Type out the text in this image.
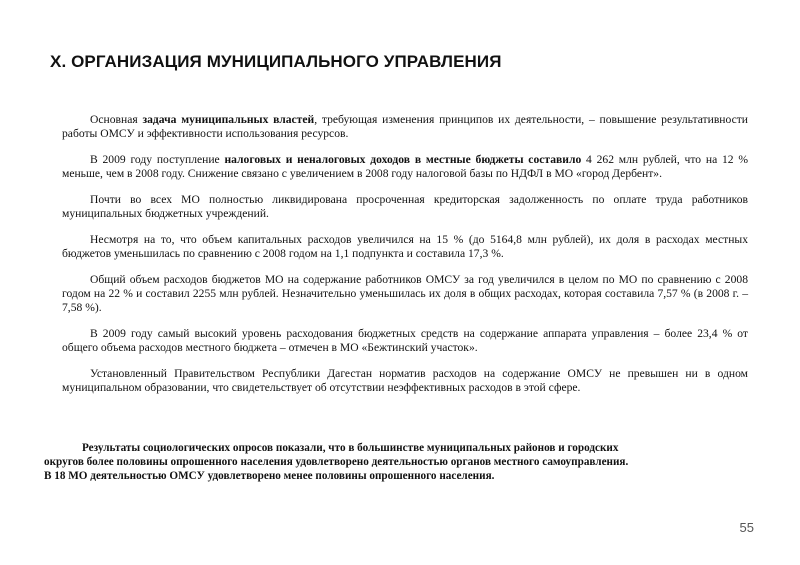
X. ОРГАНИЗАЦИЯ МУНИЦИПАЛЬНОГО УПРАВЛЕНИЯ

Основная задача муниципальных властей, требующая изменения принципов их деятельности, – повышение результативности работы ОМСУ и эффективности использования ресурсов.

В 2009 году поступление налоговых и неналоговых доходов в местные бюджеты составило 4 262 млн рублей, что на 12 % меньше, чем в 2008 году. Снижение связано с увеличением в 2008 году налоговой базы по НДФЛ в МО «город Дербент».

Почти во всех МО полностью ликвидирована просроченная кредиторская задолженность по оплате труда работников муниципальных бюджетных учреждений.

Несмотря на то, что объем капитальных расходов увеличился на 15 % (до 5164,8 млн рублей), их доля в расходах местных бюджетов уменьшилась по сравнению с 2008 годом на 1,1 подпункта и составила 17,3 %.

Общий объем расходов бюджетов МО на содержание работников ОМСУ за год увеличился в целом по МО по сравнению с 2008 годом на 22 % и составил 2255 млн рублей. Незначительно уменьшилась их доля в общих расходах, которая составила 7,57 % (в 2008 г. – 7,58 %).

В 2009 году самый высокий уровень расходования бюджетных средств на содержание аппарата управления – более 23,4 % от общего объема расходов местного бюджета – отмечен в МО «Бежтинский участок».

Установленный Правительством Республики Дагестан норматив расходов на содержание ОМСУ не превышен ни в одном муниципальном образовании, что свидетельствует об отсутствии неэффективных расходов в этой сфере.

Результаты социологических опросов показали, что в большинстве муниципальных районов и городских
округов более половины опрошенного населения удовлетворено деятельностью органов местного самоуправления.
В 18 МО деятельностью ОМСУ удовлетворено менее половины опрошенного населения.
55
